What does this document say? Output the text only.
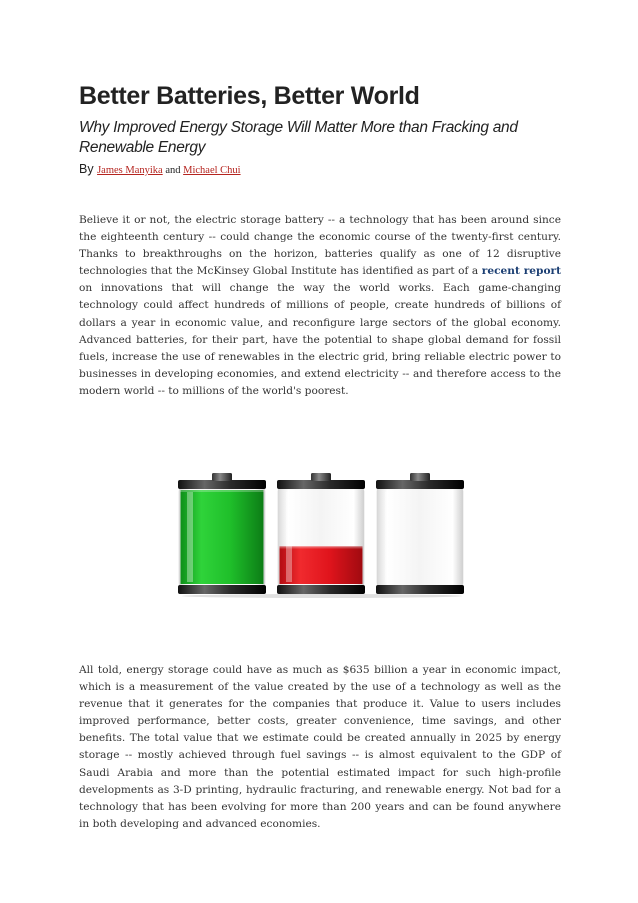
Better Batteries, Better World
Why Improved Energy Storage Will Matter More than Fracking and Renewable Energy
By James Manyika and Michael Chui

Believe it or not, the electric storage battery -- a technology that has been around since the eighteenth century -- could change the economic course of the twenty-first century. Thanks to breakthroughs on the horizon, batteries qualify as one of 12 disruptive technologies that the McKinsey Global Institute has identified as part of a recent report on innovations that will change the way the world works. Each game-changing technology could affect hundreds of millions of people, create hundreds of billions of dollars a year in economic value, and reconfigure large sectors of the global economy. Advanced batteries, for their part, have the potential to shape global demand for fossil fuels, increase the use of renewables in the electric grid, bring reliable electric power to businesses in developing economies, and extend electricity -- and therefore access to the modern world -- to millions of the world's poorest.

All told, energy storage could have as much as $635 billion a year in economic impact, which is a measurement of the value created by the use of a technology as well as the revenue that it generates for the companies that produce it. Value to users includes improved performance, better costs, greater convenience, time savings, and other benefits. The total value that we estimate could be created annually in 2025 by energy storage -- mostly achieved through fuel savings -- is almost equivalent to the GDP of Saudi Arabia and more than the potential estimated impact for such high-profile developments as 3-D printing, hydraulic fracturing, and renewable energy. Not bad for a technology that has been evolving for more than 200 years and can be found anywhere in both developing and advanced economies.
